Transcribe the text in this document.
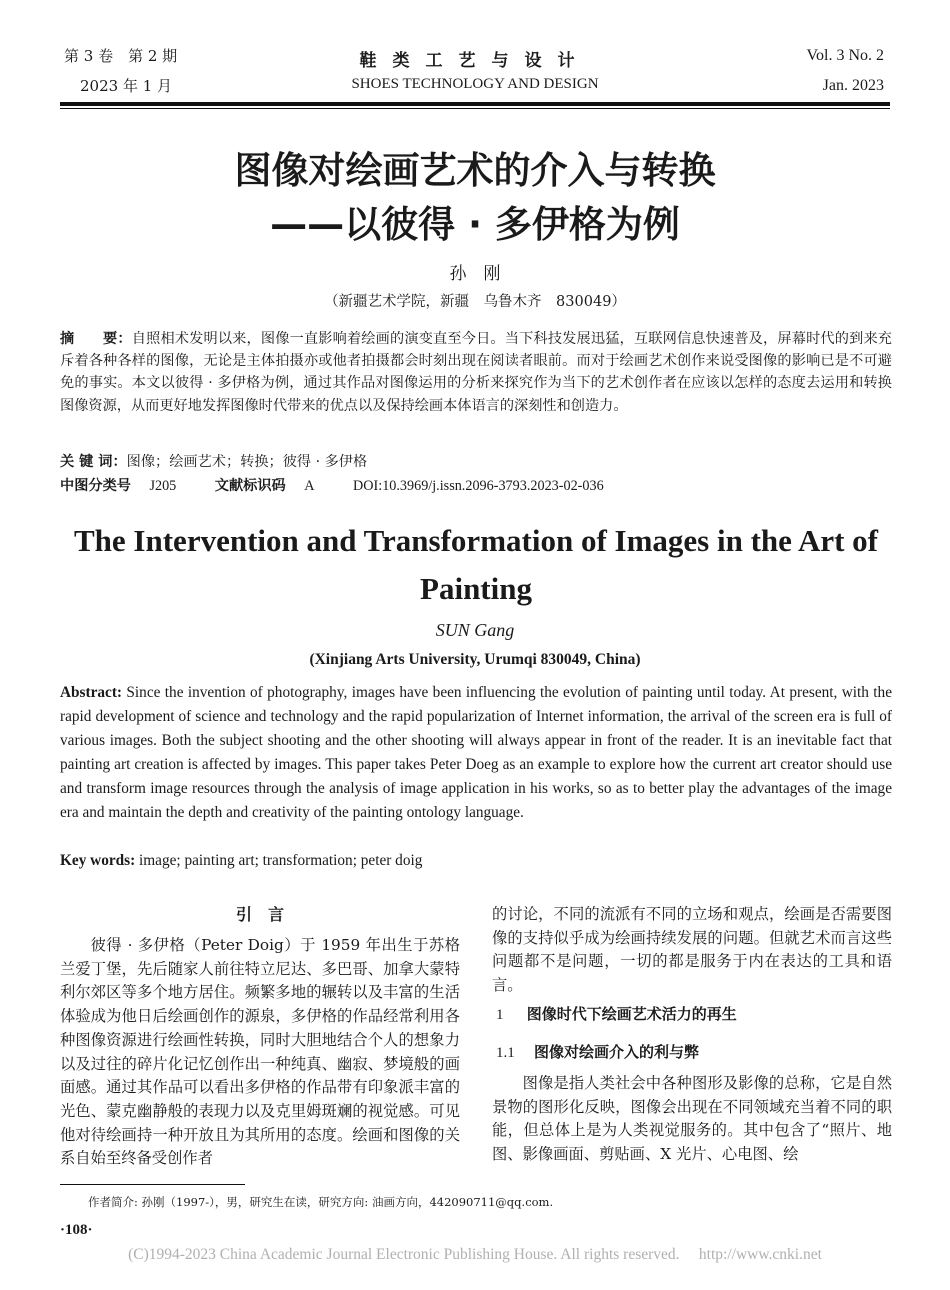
第 3 卷　第 2 期
2023 年 1 月
鞋类工艺与设计
SHOES TECHNOLOGY AND DESIGN
Vol. 3 No. 2
Jan. 2023
图像对绘画艺术的介入与转换
——以彼得 · 多伊格为例
孙　刚
（新疆艺术学院，新疆　乌鲁木齐　830049）
摘　　要：自照相术发明以来，图像一直影响着绘画的演变直至今日。当下科技发展迅猛，互联网信息快速普及，屏幕时代的到来充斥着各种各样的图像，无论是主体拍摄亦或他者拍摄都会时刻出现在阅读者眼前。而对于绘画艺术创作来说受图像的影响已是不可避免的事实。本文以彼得 · 多伊格为例，通过其作品对图像运用的分析来探究作为当下的艺术创作者在应该以怎样的态度去运用和转换图像资源，从而更好地发挥图像时代带来的优点以及保持绘画本体语言的深刻性和创造力。
关 键 词：图像；绘画艺术；转换；彼得 · 多伊格
中图分类号 J205	文献标识码 A	DOI:10.3969/j.issn.2096-3793.2023-02-036
The Intervention and Transformation of Images in the Art of
Painting
SUN Gang
(Xinjiang Arts University, Urumqi 830049, China)
Abstract: Since the invention of photography, images have been influencing the evolution of painting until today. At present, with the rapid development of science and technology and the rapid popularization of Internet information, the arrival of the screen era is full of various images. Both the subject shooting and the other shooting will always appear in front of the reader. It is an inevitable fact that painting art creation is affected by images. This paper takes Peter Doeg as an example to explore how the current art creator should use and transform image resources through the analysis of image application in his works, so as to better play the advantages of the image era and maintain the depth and creativity of the painting ontology language.
Key words: image; painting art; transformation; peter doig
引　言

彼得 · 多伊格（Peter Doig）于 1959 年出生于苏格兰爱丁堡，先后随家人前往特立尼达、多巴哥、加拿大蒙特利尔郊区等多个地方居住。频繁多地的辗转以及丰富的生活体验成为他日后绘画创作的源泉，多伊格的作品经常利用各种图像资源进行绘画性转换，同时大胆地结合个人的想象力以及过往的碎片化记忆创作出一种纯真、幽寂、梦境般的画面感。通过其作品可以看出多伊格的作品带有印象派丰富的光色、蒙克幽静般的表现力以及克里姆斑斓的视觉感。可见他对待绘画持一种开放且为其所用的态度。绘画和图像的关系自始至终备受创作者

的讨论，不同的流派有不同的立场和观点，绘画是否需要图像的支持似乎成为绘画持续发展的问题。但就艺术而言这些问题都不是问题，一切的都是服务于内在表达的工具和语言。

1 图像时代下绘画艺术活力的再生
1.1 图像对绘画介入的利与弊

图像是指人类社会中各种图形及影像的总称，它是自然景物的图形化反映，图像会出现在不同领域充当着不同的职能，但总体上是为人类视觉服务的。其中包含了“照片、地图、影像画面、剪贴画、X 光片、心电图、绘

作者简介: 孙刚（1997-），男，研究生在读，研究方向: 油画方向，442090711@qq.com.
·108·
(C)1994-2023 China Academic Journal Electronic Publishing House. All rights reserved.　 http://www.cnki.net
